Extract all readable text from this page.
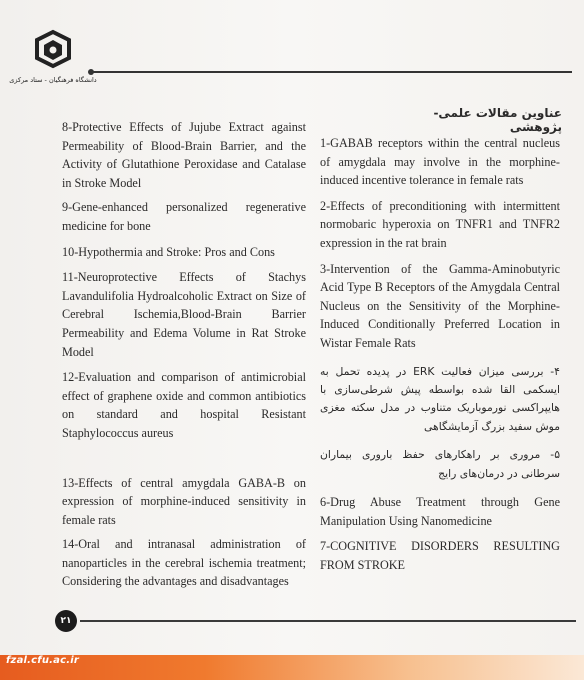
دانشگاه فرهنگیان - ستاد مرکزی
عناوین مقالات علمی- پژوهشی

8-Protective Effects of Jujube Extract against Permeability of Blood-Brain Barrier, and the Activity of Glutathione Peroxidase and Catalase in Stroke Model

9-Gene-enhanced personalized regenerative medicine for bone

10-Hypothermia and Stroke: Pros and Cons

11-Neuroprotective Effects of Stachys Lavandulifolia Hydroalcoholic Extract on Size of Cerebral Ischemia,Blood-Brain Barrier Permeability and Edema Volume in Rat Stroke Model

12-Evaluation and comparison of antimicrobial effect of graphene oxide and common antibiotics on standard and hospital Resistant Staphylococcus aureus

13-Effects of central amygdala GABA-B on expression of morphine-induced sensitivity in female rats

14-Oral and intranasal administration of nanoparticles in the cerebral ischemia treatment; Considering the advantages and disadvantages

1-GABAB receptors within the central nucleus of amygdala may involve in the morphine-induced incentive tolerance in female rats

2-Effects of preconditioning with intermittent normobaric hyperoxia on TNFR1 and TNFR2 expression in the rat brain

3-Intervention of the Gamma-Aminobutyric Acid Type B Receptors of the Amygdala Central Nucleus on the Sensitivity of the Morphine-Induced Conditionally Preferred Location in Wistar Female Rats

۴- بررسی میزان فعالیت ERK در پدیده تحمل به ایسکمی القا شده بواسطه پیش شرطی‌سازی با هایپراکسی نورموباریک متناوب در مدل سکته مغزی موش سفید بزرگ آزمایشگاهی

۵- مروری بر راهکارهای حفظ باروری بیماران سرطانی در درمان‌های رایج

6-Drug Abuse Treatment through Gene Manipulation Using Nanomedicine

7-COGNITIVE DISORDERS RESULTING FROM STROKE

۲۱
fzal.cfu.ac.ir
